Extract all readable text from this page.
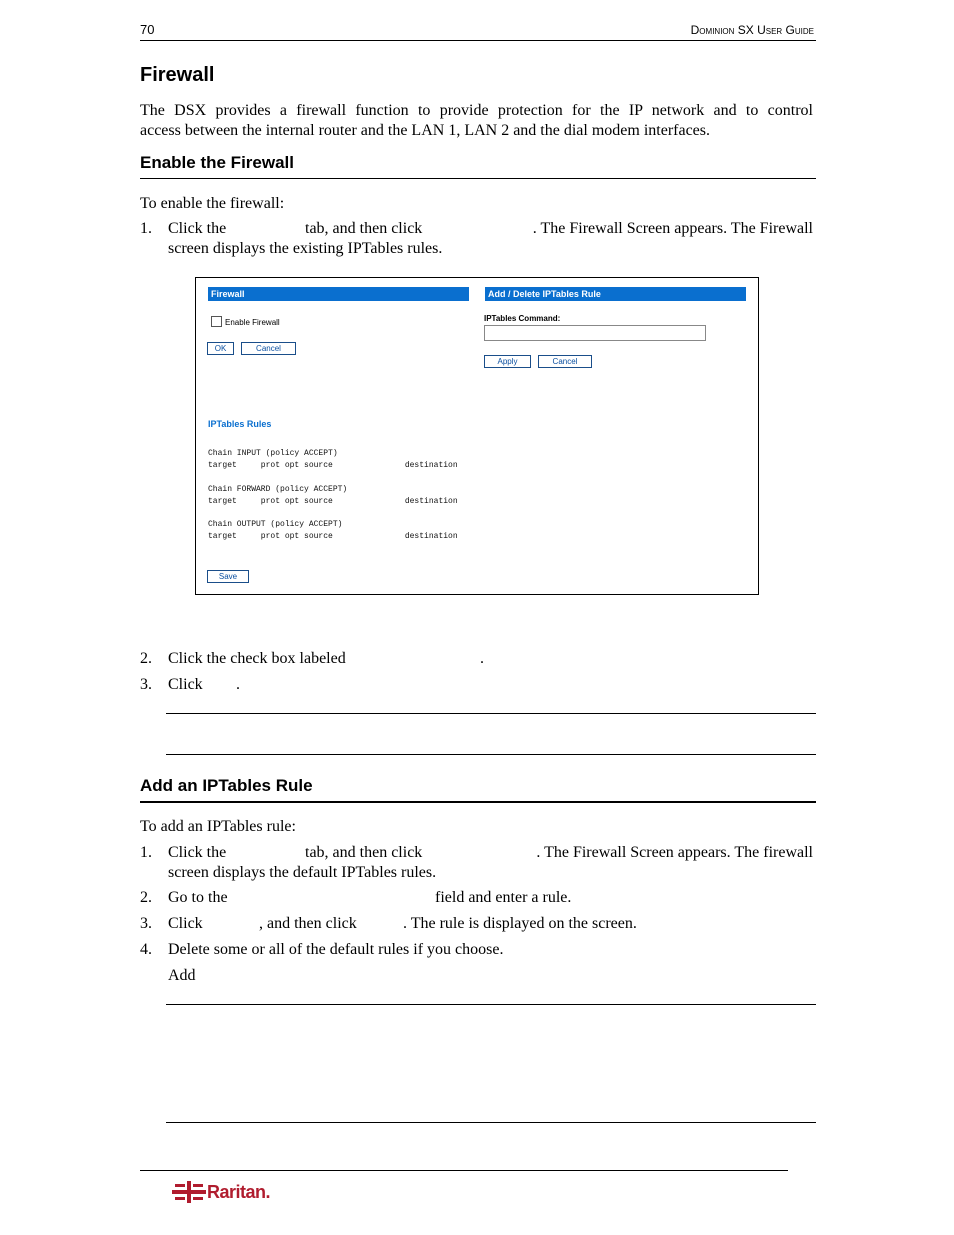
70	Dominion SX User Guide
Firewall
The DSX provides a firewall function to provide protection for the IP network and to control
access between the internal router and the LAN 1, LAN 2 and the dial modem interfaces.
Enable the Firewall
To enable the firewall:
1. Click the	tab, and then click	. The Firewall Screen appears. The Firewall
screen displays the existing IPTables rules.
Firewall	Add / Delete IPTables Rule
Enable Firewall
OK	Cancel
IPTables Command:
Apply	Cancel
IPTables Rules
Chain INPUT (policy ACCEPT)
target     prot opt source               destination
Chain FORWARD (policy ACCEPT)
target     prot opt source               destination
Chain OUTPUT (policy ACCEPT)
target     prot opt source               destination
Save
2. Click the check box labeled	.
3. Click .
Add an IPTables Rule
To add an IPTables rule:
1. Click the	tab, and then click	. The Firewall Screen appears. The firewall
screen displays the default IPTables rules.
2. Go to the	field and enter a rule.
3. Click	, and then click	. The rule is displayed on the screen.
4. Delete some or all of the default rules if you choose.
Add
Raritan.
